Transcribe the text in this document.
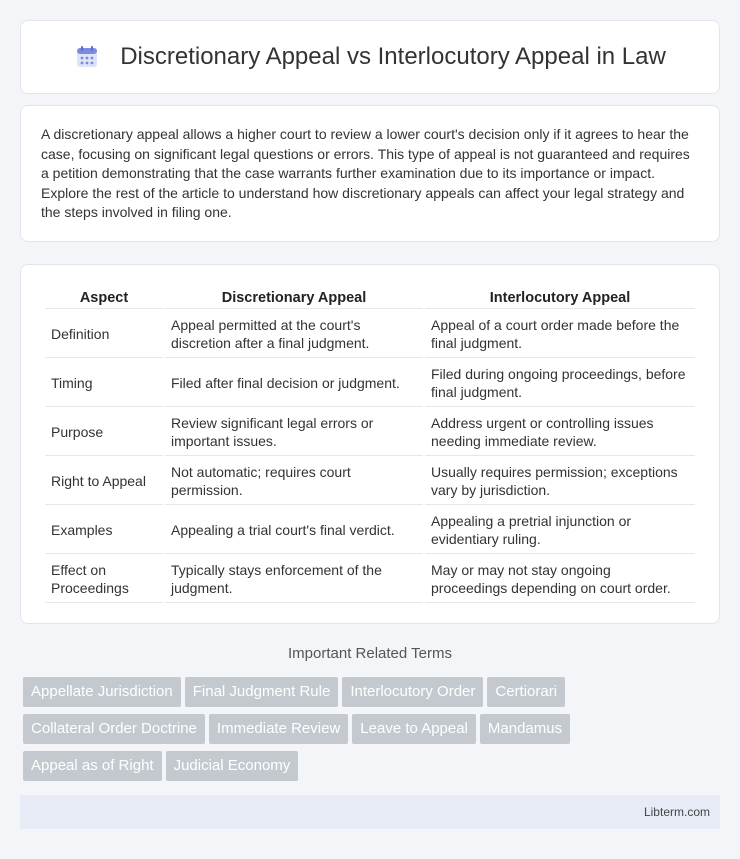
Discretionary Appeal vs Interlocutory Appeal in Law

A discretionary appeal allows a higher court to review a lower court's decision only if it agrees to hear the case, focusing on significant legal questions or errors. This type of appeal is not guaranteed and requires a petition demonstrating that the case warrants further examination due to its importance or impact. Explore the rest of the article to understand how discretionary appeals can affect your legal strategy and the steps involved in filing one.

Aspect	Discretionary Appeal	Interlocutory Appeal
Definition	Appeal permitted at the court's discretion after a final judgment.	Appeal of a court order made before the final judgment.
Timing	Filed after final decision or judgment.	Filed during ongoing proceedings, before final judgment.
Purpose	Review significant legal errors or important issues.	Address urgent or controlling issues needing immediate review.
Right to Appeal	Not automatic; requires court permission.	Usually requires permission; exceptions vary by jurisdiction.
Examples	Appealing a trial court's final verdict.	Appealing a pretrial injunction or evidentiary ruling.
Effect on Proceedings	Typically stays enforcement of the judgment.	May or may not stay ongoing proceedings depending on court order.
Important Related Terms
Appellate Jurisdiction Final Judgment Rule Interlocutory Order Certiorari
Collateral Order Doctrine Immediate Review Leave to Appeal Mandamus
Appeal as of Right Judicial Economy
Libterm.com
